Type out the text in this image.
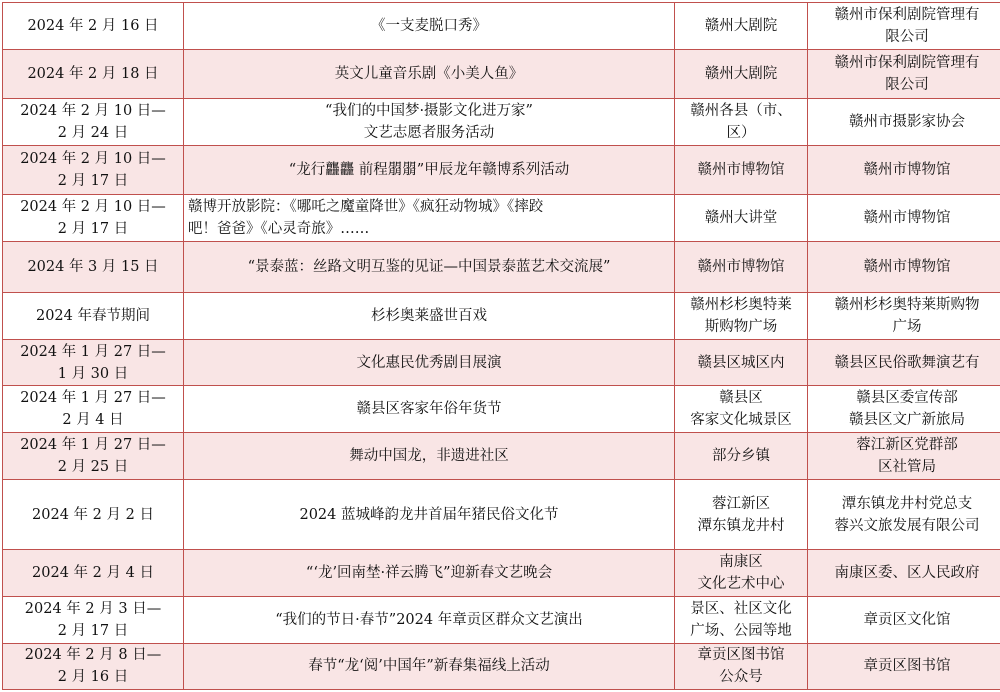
2024 年 2 月 16 日	《一支麦脱口秀》	赣州大剧院	赣州市保利剧院管理有
限公司

2024 年 2 月 18 日	英文儿童音乐剧《小美人鱼》	赣州大剧院	赣州市保利剧院管理有
限公司

2024 年 2 月 10 日—
2 月 24 日	“我们的中国梦·摄影文化进万家”
文艺志愿者服务活动	赣州各县（市、
区）	赣州市摄影家协会

2024 年 2 月 10 日—
2 月 17 日	“龙行龘龘 前程朤朤”甲辰龙年赣博系列活动	赣州市博物馆	赣州市博物馆

2024 年 2 月 10 日—
2 月 17 日	赣博开放影院：《哪吒之魔童降世》《疯狂动物城》《摔跤
吧！爸爸》《心灵奇旅》……	赣州大讲堂	赣州市博物馆

2024 年 3 月 15 日	“景泰蓝：丝路文明互鉴的见证—中国景泰蓝艺术交流展”	赣州市博物馆	赣州市博物馆

2024 年春节期间	杉杉奥莱盛世百戏	赣州杉杉奥特莱
斯购物广场	赣州杉杉奥特莱斯购物
广场

2024 年 1 月 27 日—
1 月 30 日	文化惠民优秀剧目展演	赣县区城区内	赣县区民俗歌舞演艺有

2024 年 1 月 27 日—
2 月 4 日	赣县区客家年俗年货节	赣县区
客家文化城景区	赣县区委宣传部
赣县区文广新旅局

2024 年 1 月 27 日—
2 月 25 日	舞动中国龙，非遗进社区	部分乡镇	蓉江新区党群部
区社管局

2024 年 2 月 2 日	2024 蓝城峰韵龙井首届年猪民俗文化节	蓉江新区
潭东镇龙井村	潭东镇龙井村党总支
蓉兴文旅发展有限公司

2024 年 2 月 4 日	“‘龙’回南埜·祥云腾飞”迎新春文艺晚会	南康区
文化艺术中心	南康区委、区人民政府

2024 年 2 月 3 日—
2 月 17 日	“我们的节日·春节”2024 年章贡区群众文艺演出	景区、社区文化
广场、公园等地	章贡区文化馆

2024 年 2 月 8 日—
2 月 16 日	春节“龙‘阅’中国年”新春集福线上活动	章贡区图书馆
公众号	章贡区图书馆
